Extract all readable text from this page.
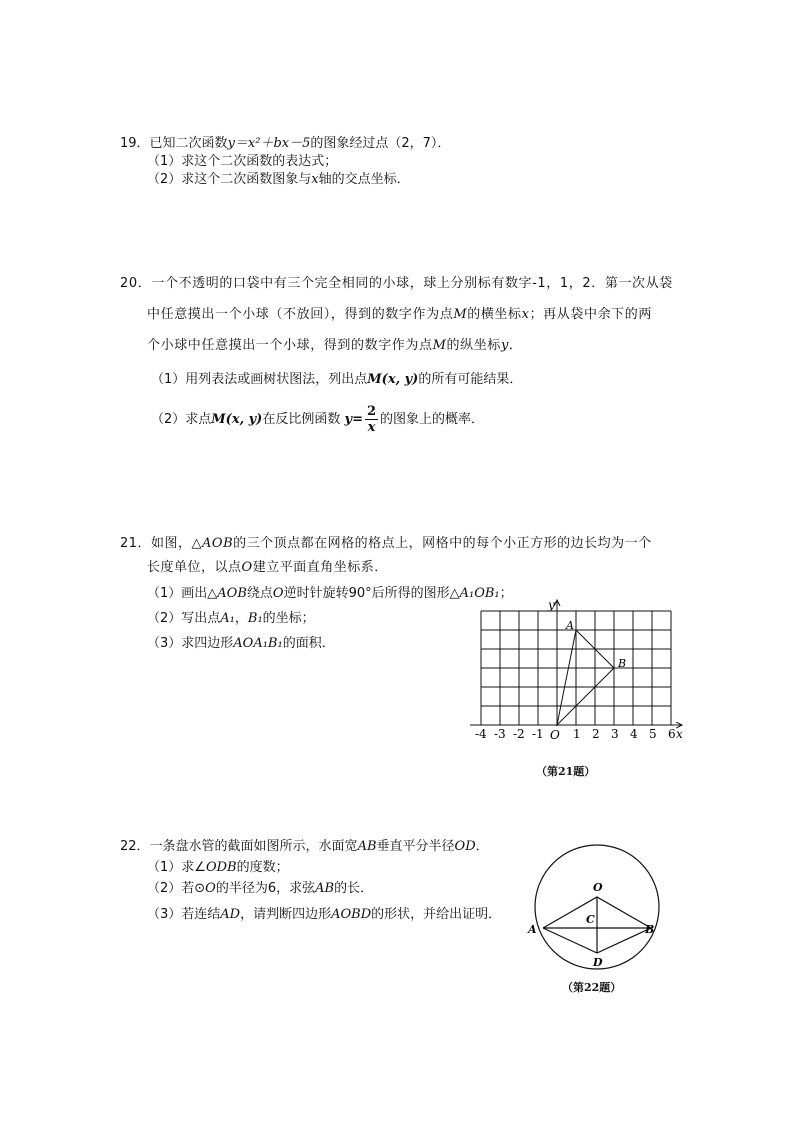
19．已知二次函数y＝x²＋bx－5的图象经过点（2，7）．
（1）求这个二次函数的表达式；
（2）求这个二次函数图象与x轴的交点坐标．
20．一个不透明的口袋中有三个完全相同的小球，球上分别标有数字-1，1，2．第一次从袋
中任意摸出一个小球（不放回），得到的数字作为点M的横坐标x；再从袋中余下的两
个小球中任意摸出一个小球，得到的数字作为点M的纵坐标y．
（1）用列表法或画树状图法，列出点M(x, y)的所有可能结果．
（2）求点M(x, y)在反比例函数 $y= \frac{2}{x}$ 的图象上的概率．
21．如图，△AOB的三个顶点都在网格的格点上，网格中的每个小正方形的边长均为一个
长度单位，以点O建立平面直角坐标系．
（1）画出△AOB绕点O逆时针旋转90°后所得的图形△A₁OB₁；
（2）写出点A₁，B₁的坐标；
（3）求四边形AOA₁B₁的面积．
x
y
-4 -3 -2 -1 1 2 3 4 5 6
O
A
B
（第21题）
22．一条盘水管的截面如图所示，水面宽AB垂直平分半径OD．
（1）求∠ODB的度数；
（2）若⊙O的半径为6，求弦AB的长．
（3）若连结AD，请判断四边形AOBD的形状，并给出证明．
O
C
A	B
D
（第22题）
